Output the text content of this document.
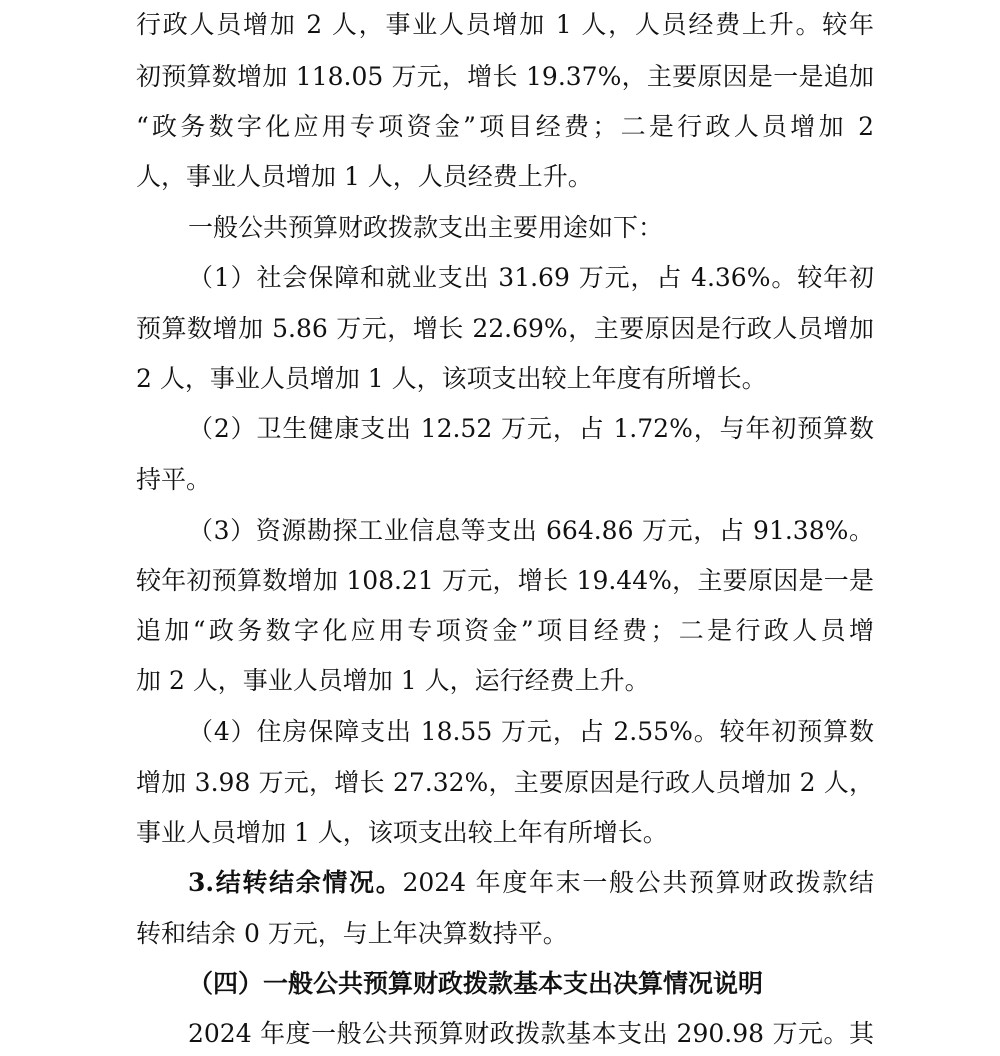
行政人员增加 2 人，事业人员增加 1 人，人员经费上升。较年
初预算数增加 118.05 万元，增长 19.37%，主要原因是一是追加
“政务数字化应用专项资金”项目经费；二是行政人员增加 2
人，事业人员增加 1 人，人员经费上升。
一般公共预算财政拨款支出主要用途如下：
（1）社会保障和就业支出 31.69 万元，占 4.36%。较年初
预算数增加 5.86 万元，增长 22.69%，主要原因是行政人员增加
2 人，事业人员增加 1 人，该项支出较上年度有所增长。
（2）卫生健康支出 12.52 万元，占 1.72%，与年初预算数
持平。
（3）资源勘探工业信息等支出 664.86 万元，占 91.38%。
较年初预算数增加 108.21 万元，增长 19.44%，主要原因是一是
追加“政务数字化应用专项资金”项目经费；二是行政人员增
加 2 人，事业人员增加 1 人，运行经费上升。
（4）住房保障支出 18.55 万元，占 2.55%。较年初预算数
增加 3.98 万元，增长 27.32%，主要原因是行政人员增加 2 人，
事业人员增加 1 人，该项支出较上年有所增长。
3.结转结余情况。2024 年度年末一般公共预算财政拨款结
转和结余 0 万元，与上年决算数持平。
（四）一般公共预算财政拨款基本支出决算情况说明
2024 年度一般公共预算财政拨款基本支出 290.98 万元。其
